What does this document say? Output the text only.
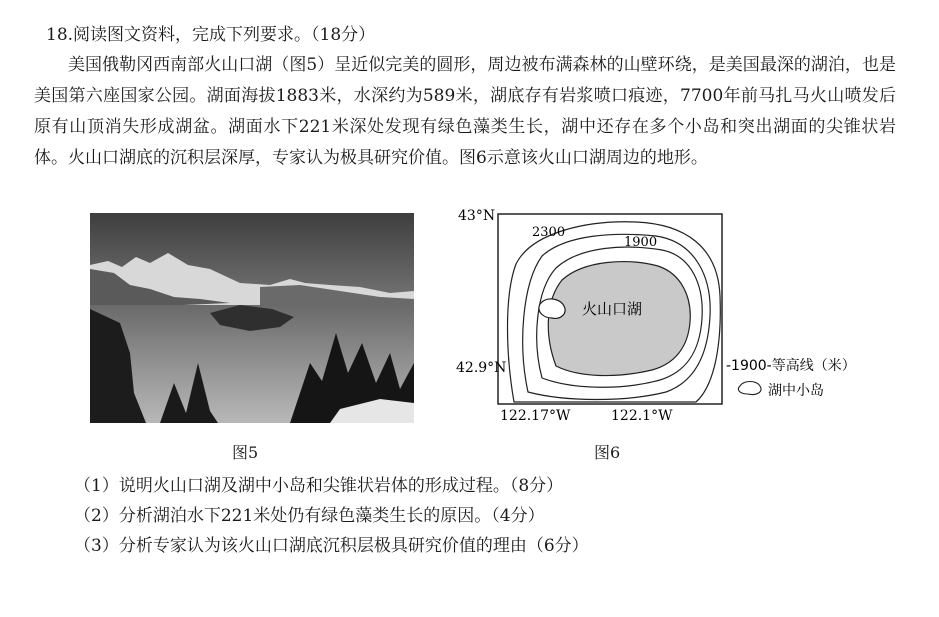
18.阅读图文资料，完成下列要求。（18分）
美国俄勒冈西南部火山口湖（图5）呈近似完美的圆形，周边被布满森林的山壁环绕，是美国最深的湖泊，也是美国第六座国家公园。湖面海拔1883米，水深约为589米，湖底存有岩浆喷口痕迹，7700年前马扎马火山喷发后原有山顶消失形成湖盆。湖面水下221米深处发现有绿色藻类生长，湖中还存在多个小岛和突出湖面的尖锥状岩体。火山口湖底的沉积层深厚，专家认为极具研究价值。图6示意该火山口湖周边的地形。
图5
43°N
42.9°N
122.17°W	122.1°W
2300
1900
火山口湖
-1900-等高线（米）
湖中小岛
图6
（1）说明火山口湖及湖中小岛和尖锥状岩体的形成过程。（8分）
（2）分析湖泊水下221米处仍有绿色藻类生长的原因。（4分）
（3）分析专家认为该火山口湖底沉积层极具研究价值的理由（6分）
